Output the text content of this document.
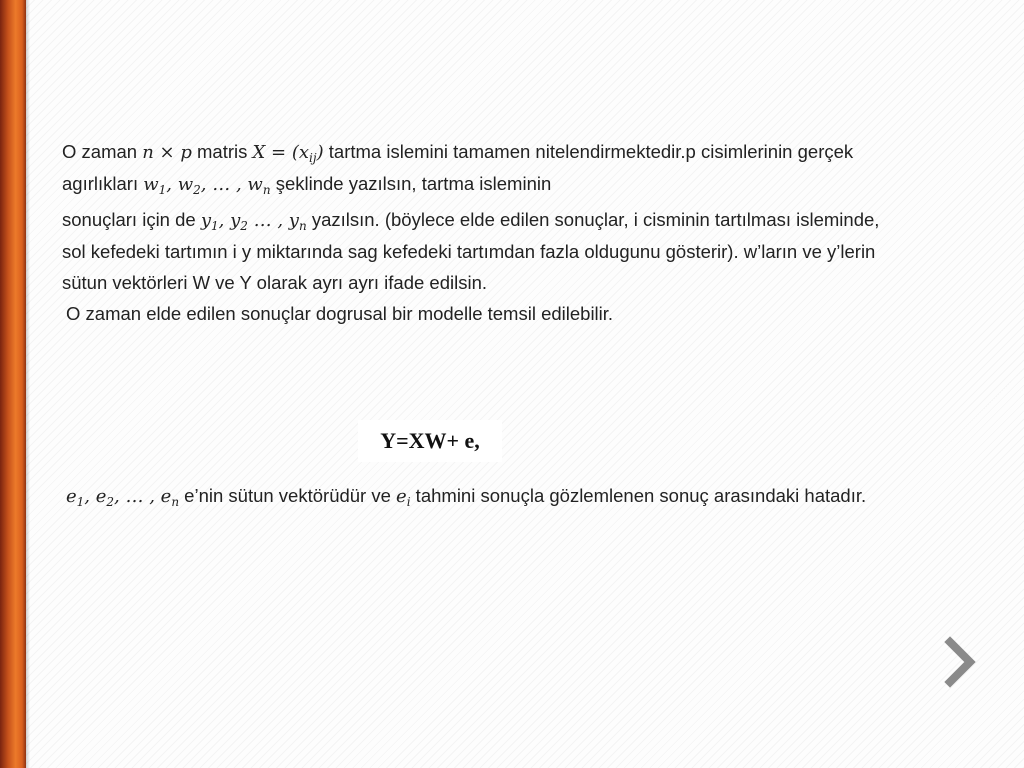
O zaman n × p matris $X = (x_{ij})$ tartma islemini tamamen nitelendirmektedir.p cisimlerinin gerçek agırlıkları $w_1$, $w_2$, … , $w_n$ şeklinde yazılsın, tartma isleminin

sonuçları için de $y_1$, $y_2$ … , $y_n$ yazılsın. (böylece elde edilen sonuçlar, i cisminin tartılması isleminde, sol kefedeki tartımın i y miktarında sag kefedeki tartımdan fazla oldugunu gösterir). w’ların ve y’lerin sütun vektörleri W ve Y olarak ayrı ayrı ifade edilsin.

O zaman elde edilen sonuçlar dogrusal bir modelle temsil edilebilir.

Y=XW+ e,

$e_1$, $e_2$, … , $e_n$ e’nin sütun vektörüdür ve $e_i$ tahmini sonuçla gözlemlenen sonuç arasındaki hatadır.
